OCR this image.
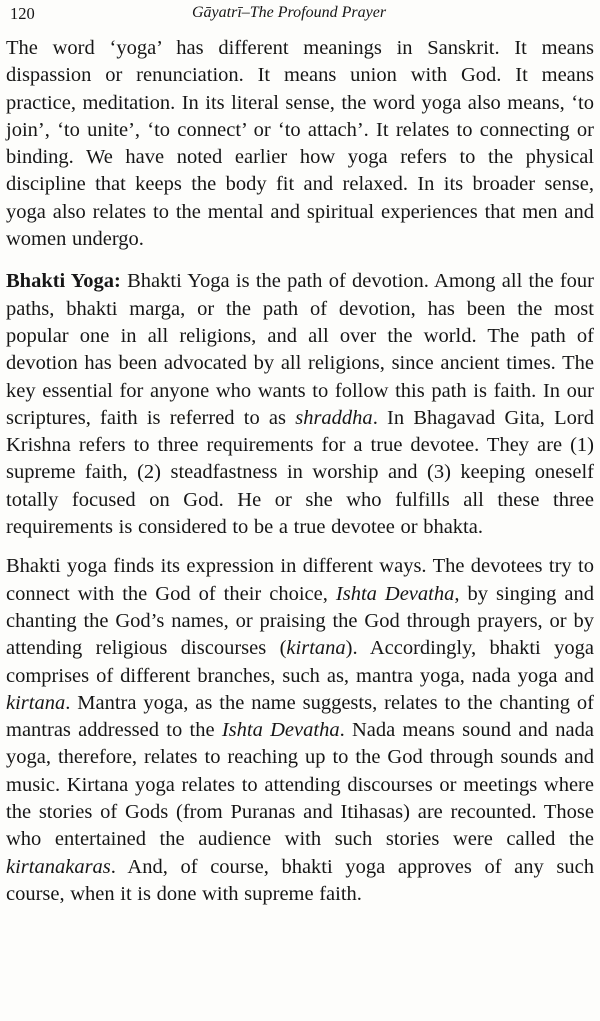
120	Gāyatrī–The Profound Prayer

The word ‘yoga’ has different meanings in Sanskrit. It means dispassion or renunciation. It means union with God. It means practice, meditation. In its literal sense, the word yoga also means, ‘to join’, ‘to unite’, ‘to connect’ or ‘to attach’. It relates to connecting or binding. We have noted earlier how yoga refers to the physical discipline that keeps the body fit and relaxed. In its broader sense, yoga also relates to the mental and spiritual experiences that men and women undergo.

Bhakti Yoga: Bhakti Yoga is the path of devotion. Among all the four paths, bhakti marga, or the path of devotion, has been the most popular one in all religions, and all over the world. The path of devotion has been advocated by all religions, since ancient times. The key essential for anyone who wants to follow this path is faith. In our scriptures, faith is referred to as shraddha. In Bhagavad Gita, Lord Krishna refers to three requirements for a true devotee. They are (1) supreme faith, (2) steadfastness in worship and (3) keeping oneself totally focused on God. He or she who fulfills all these three requirements is considered to be a true devotee or bhakta.

Bhakti yoga finds its expression in different ways. The devotees try to connect with the God of their choice, Ishta Devatha, by singing and chanting the God’s names, or praising the God through prayers, or by attending religious discourses (kirtana). Accordingly, bhakti yoga comprises of different branches, such as, mantra yoga, nada yoga and kirtana. Mantra yoga, as the name suggests, relates to the chanting of mantras addressed to the Ishta Devatha. Nada means sound and nada yoga, therefore, relates to reaching up to the God through sounds and music. Kirtana yoga relates to attending discourses or meetings where the stories of Gods (from Puranas and Itihasas) are recounted. Those who entertained the audience with such stories were called the kirtanakaras. And, of course, bhakti yoga approves of any such course, when it is done with supreme faith.
